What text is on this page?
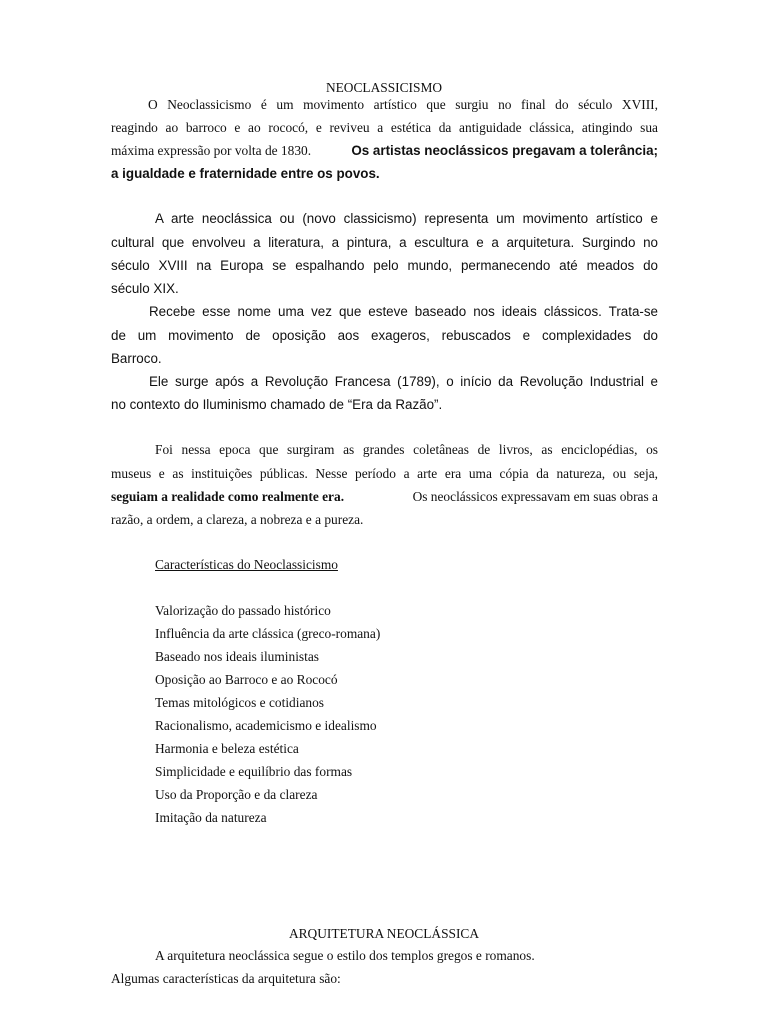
NEOCLASSICISMO
O Neoclassicismo é um movimento artístico que surgiu no final do século XVIII,
reagindo ao barroco e ao rococó, e reviveu a estética da antiguidade clássica, atingindo sua
máxima expressão por volta de 1830.	Os artistas neoclássicos pregavam a tolerância;
a igualdade e fraternidade entre os povos.
A arte neoclássica ou (novo classicismo) representa um movimento artístico e
cultural que envolveu a literatura, a pintura, a escultura e a arquitetura. Surgindo no
século XVIII na Europa se espalhando pelo mundo, permanecendo até meados do
século XIX.
Recebe esse nome uma vez que esteve baseado nos ideais clássicos. Trata-se
de um movimento de oposição aos exageros, rebuscados e complexidades do
Barroco.
Ele surge após a Revolução Francesa (1789), o início da Revolução Industrial e
no contexto do Iluminismo chamado de “Era da Razão”.
Foi nessa epoca que surgiram as grandes coletâneas de livros, as enciclopédias, os
museus e as instituições públicas. Nesse período a arte era uma cópia da natureza, ou seja,
seguiam a realidade como realmente era.	Os neoclássicos expressavam em suas obras a
razão, a ordem, a clareza, a nobreza e a pureza.
Características do Neoclassicismo
Valorização do passado histórico
Influência da arte clássica (greco-romana)
Baseado nos ideais iluministas
Oposição ao Barroco e ao Rococó
Temas mitológicos e cotidianos
Racionalismo, academicismo e idealismo
Harmonia e beleza estética
Simplicidade e equilíbrio das formas
Uso da Proporção e da clareza
Imitação da natureza
ARQUITETURA NEOCLÁSSICA
A arquitetura neoclássica segue o estilo dos templos gregos e romanos.
Algumas características da arquitetura são:
